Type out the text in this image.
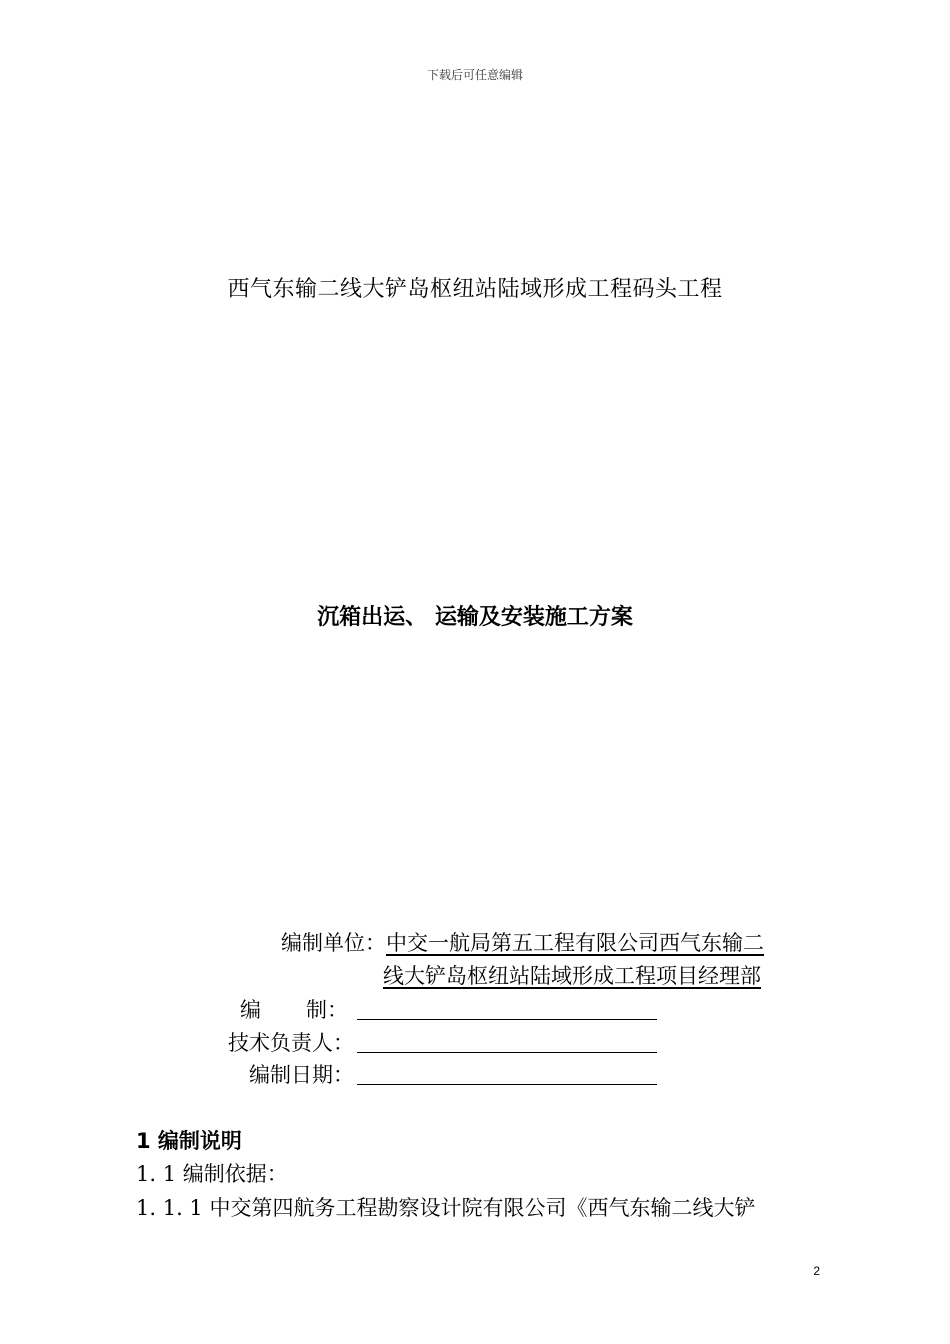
下载后可任意编辑
西气东输二线大铲岛枢纽站陆域形成工程码头工程
沉箱出运、 运输及安装施工方案
编制单位： 中交一航局第五工程有限公司西气东输二
线大铲岛枢纽站陆域形成工程项目经理部
编 制：
技术负责人：
编制日期：
1 编制说明
1. 1 编制依据：
1. 1. 1 中交第四航务工程勘察设计院有限公司《西气东输二线大铲
2
